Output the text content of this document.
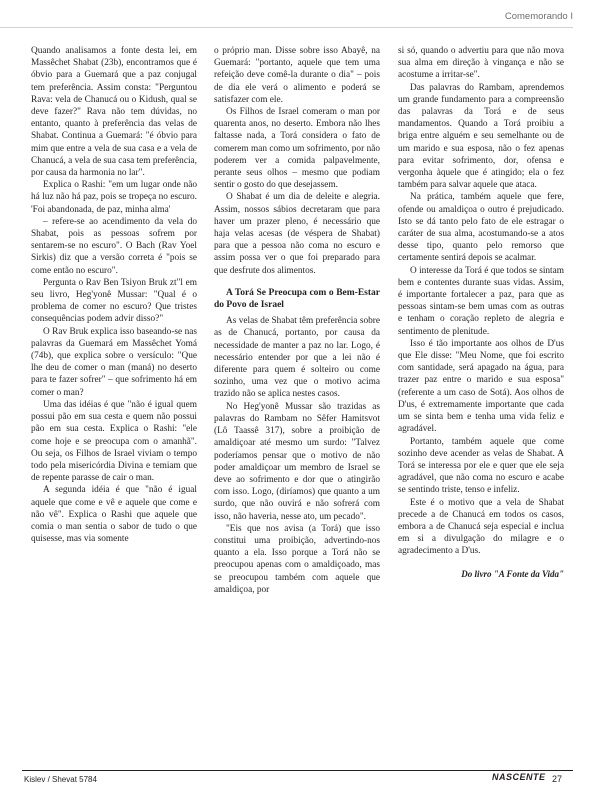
Comemorando I

Quando analisamos a fonte desta lei, em Massêchet Shabat (23b), encontramos que é óbvio para a Guemará que a paz conjugal tem preferência. Assim consta: "Perguntou Rava: vela de Chanucá ou o Kidush, qual se deve fazer?" Rava não tem dúvidas, no entanto, quanto à preferência das velas de Shabat. Continua a Guemará: "é óbvio para mim que entre a vela de sua casa e a vela de Chanucá, a vela de sua casa tem preferência, por causa da harmonia no lar".

Explica o Rashi: "em um lugar onde não há luz não há paz, pois se tropeça no escuro. 'Foi abandonada, de paz, minha alma'

– refere-se ao acendimento da vela do Shabat, pois as pessoas sofrem por sentarem-se no escuro". O Bach (Rav Yoel Sirkis) diz que a versão correta é "pois se come então no escuro".

Pergunta o Rav Ben Tsiyon Bruk zt"l em seu livro, Heg'yonê Mussar: "Qual é o problema de comer no escuro? Que tristes consequências podem advir disso?"

O Rav Bruk explica isso baseando-se nas palavras da Guemará em Massêchet Yomá (74b), que explica sobre o versículo: "Que lhe deu de comer o man (maná) no deserto para te fazer sofrer" – que sofrimento há em comer o man?

Uma das idéias é que "não é igual quem possui pão em sua cesta e quem não possui pão em sua cesta. Explica o Rashi: "ele come hoje e se preocupa com o amanhã". Ou seja, os Filhos de Israel viviam o tempo todo pela misericórdia Divina e temiam que de repente parasse de cair o man.

A segunda idéia é que "não é igual aquele que come e vê e aquele que come e não vê". Explica o Rashi que aquele que comia o man sentia o sabor de tudo o que quisesse, mas via somente

o próprio man. Disse sobre isso Abayê, na Guemará: "portanto, aquele que tem uma refeição deve comê-la durante o dia" – pois de dia ele verá o alimento e poderá se satisfazer com ele.

Os Filhos de Israel comeram o man por quarenta anos, no deserto. Embora não lhes faltasse nada, a Torá considera o fato de comerem man como um sofrimento, por não poderem ver a comida palpavelmente, perante seus olhos – mesmo que podiam sentir o gosto do que desejassem.

O Shabat é um dia de deleite e alegria. Assim, nossos sábios decretaram que para haver um prazer pleno, é necessário que haja velas acesas (de véspera de Shabat) para que a pessoa não coma no escuro e assim possa ver o que foi preparado para que desfrute dos alimentos.

A Torá Se Preocupa com o Bem-Estar do Povo de Israel

As velas de Shabat têm preferência sobre as de Chanucá, portanto, por causa da necessidade de manter a paz no lar. Logo, é necessário entender por que a lei não é diferente para quem é solteiro ou come sozinho, uma vez que o motivo acima trazido não se aplica nestes casos.

No Heg'yonê Mussar são trazidas as palavras do Rambam no Sêfer Hamitsvot (Lô Taassê 317), sobre a proibição de amaldiçoar até mesmo um surdo: "Talvez poderíamos pensar que o motivo de não poder amaldiçoar um membro de Israel se deve ao sofrimento e dor que o atingirão com isso. Logo, (diríamos) que quanto a um surdo, que não ouvirá e não sofrerá com isso, não haveria, nesse ato, um pecado".

"Eis que nos avisa (a Torá) que isso constitui uma proibição, advertindo-nos quanto a ela. Isso porque a Torá não se preocupou apenas com o amaldiçoado, mas se preocupou também com aquele que amaldiçoa, por

si só, quando o advertiu para que não mova sua alma em direção à vingança e não se acostume a irritar-se".

Das palavras do Rambam, aprendemos um grande fundamento para a compreensão das palavras da Torá e de seus mandamentos. Quando a Torá proibiu a briga entre alguém e seu semelhante ou de um marido e sua esposa, não o fez apenas para evitar sofrimento, dor, ofensa e vergonha àquele que é atingido; ela o fez também para salvar aquele que ataca.

Na prática, também aquele que fere, ofende ou amaldiçoa o outro é prejudicado. Isto se dá tanto pelo fato de ele estragar o caráter de sua alma, acostumando-se a atos desse tipo, quanto pelo remorso que certamente sentirá depois se acalmar.

O interesse da Torá é que todos se sintam bem e contentes durante suas vidas. Assim, é importante fortalecer a paz, para que as pessoas sintam-se bem umas com as outras e tenham o coração repleto de alegria e sentimento de plenitude.

Isso é tão importante aos olhos de D'us que Ele disse: "Meu Nome, que foi escrito com santidade, será apagado na água, para trazer paz entre o marido e sua esposa" (referente a um caso de Sotá). Aos olhos de D'us, é extremamente importante que cada um se sinta bem e tenha uma vida feliz e agradável.

Portanto, também aquele que come sozinho deve acender as velas de Shabat. A Torá se interessa por ele e quer que ele seja agradável, que não coma no escuro e acabe se sentindo triste, tenso e infeliz.

Este é o motivo que a vela de Shabat precede a de Chanucá em todos os casos, embora a de Chanucá seja especial e inclua em si a divulgação do milagre e o agradecimento a D'us.

Do livro "A Fonte da Vida"

Kislev / Shevat 5784	NASCENTE 27
